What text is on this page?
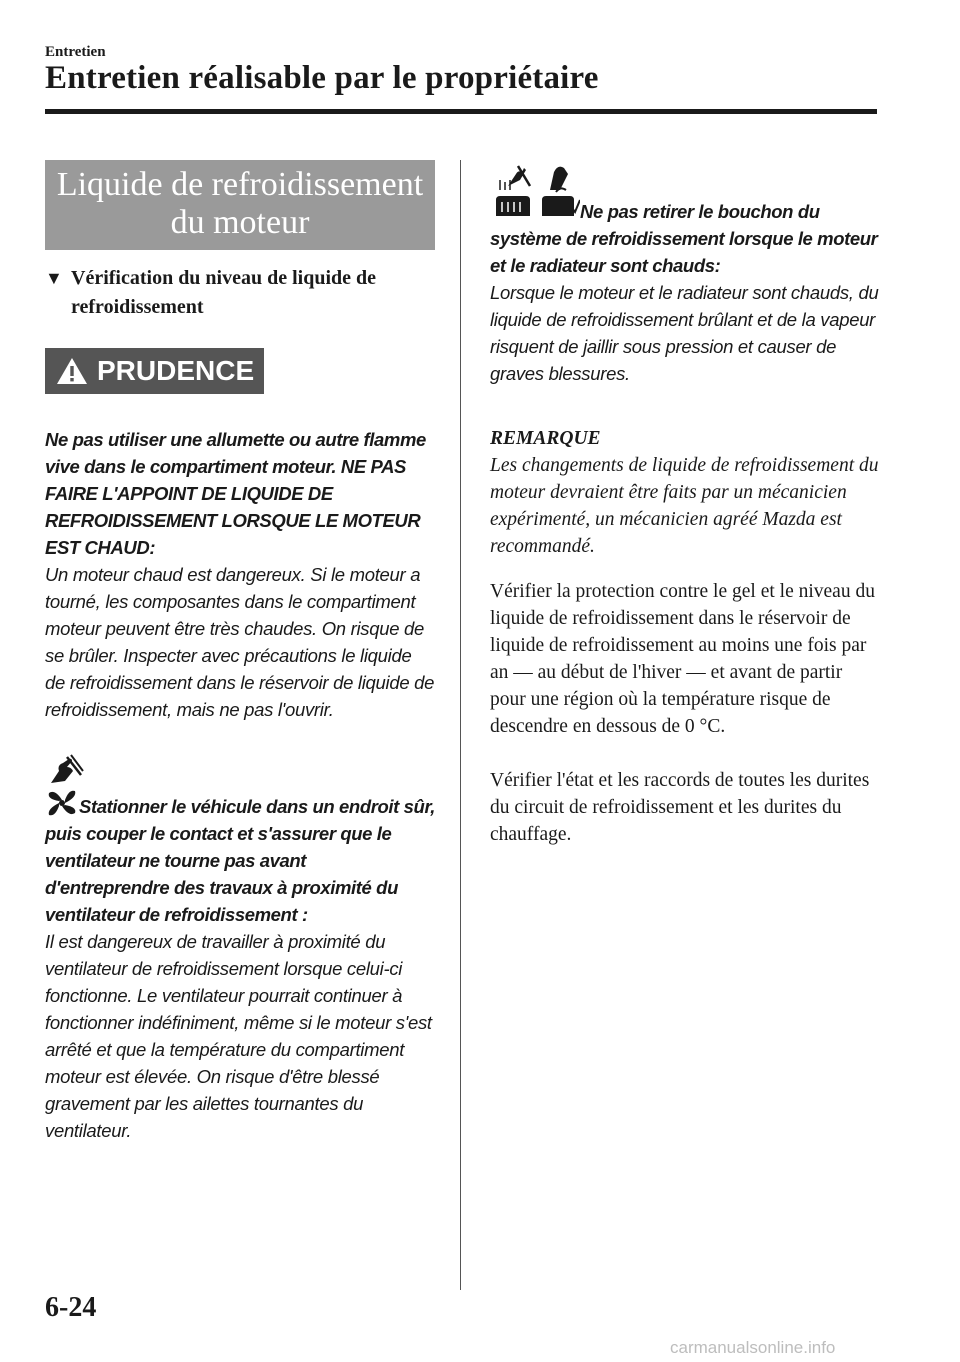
Entretien
Entretien réalisable par le propriétaire
Liquide de refroidissement
du moteur
▼ Vérification du niveau de liquide de refroidissement
PRUDENCE
Ne pas utiliser une allumette ou autre flamme vive dans le compartiment moteur. NE PAS FAIRE L'APPOINT DE LIQUIDE DE REFROIDISSEMENT LORSQUE LE MOTEUR EST CHAUD:
Un moteur chaud est dangereux. Si le moteur a tourné, les composantes dans le compartiment moteur peuvent être très chaudes. On risque de se brûler. Inspecter avec précautions le liquide de refroidissement dans le réservoir de liquide de refroidissement, mais ne pas l'ouvrir.
Stationner le véhicule dans un endroit sûr, puis couper le contact et s'assurer que le ventilateur ne tourne pas avant d'entreprendre des travaux à proximité du ventilateur de refroidissement :
Il est dangereux de travailler à proximité du ventilateur de refroidissement lorsque celui-ci fonctionne. Le ventilateur pourrait continuer à fonctionner indéfiniment, même si le moteur s'est arrêté et que la température du compartiment moteur est élevée. On risque d'être blessé gravement par les ailettes tournantes du ventilateur.
Ne pas retirer le bouchon du système de refroidissement lorsque le moteur et le radiateur sont chauds:
Lorsque le moteur et le radiateur sont chauds, du liquide de refroidissement brûlant et de la vapeur risquent de jaillir sous pression et causer de graves blessures.
REMARQUE
Les changements de liquide de refroidissement du moteur devraient être faits par un mécanicien expérimenté, un mécanicien agréé Mazda est recommandé.
Vérifier la protection contre le gel et le niveau du liquide de refroidissement dans le réservoir de liquide de refroidissement au moins une fois par an — au début de l'hiver — et avant de partir pour une région où la température risque de descendre en dessous de 0 °C.
Vérifier l'état et les raccords de toutes les durites du circuit de refroidissement et les durites du chauffage.
6-24
carmanualsonline.info
